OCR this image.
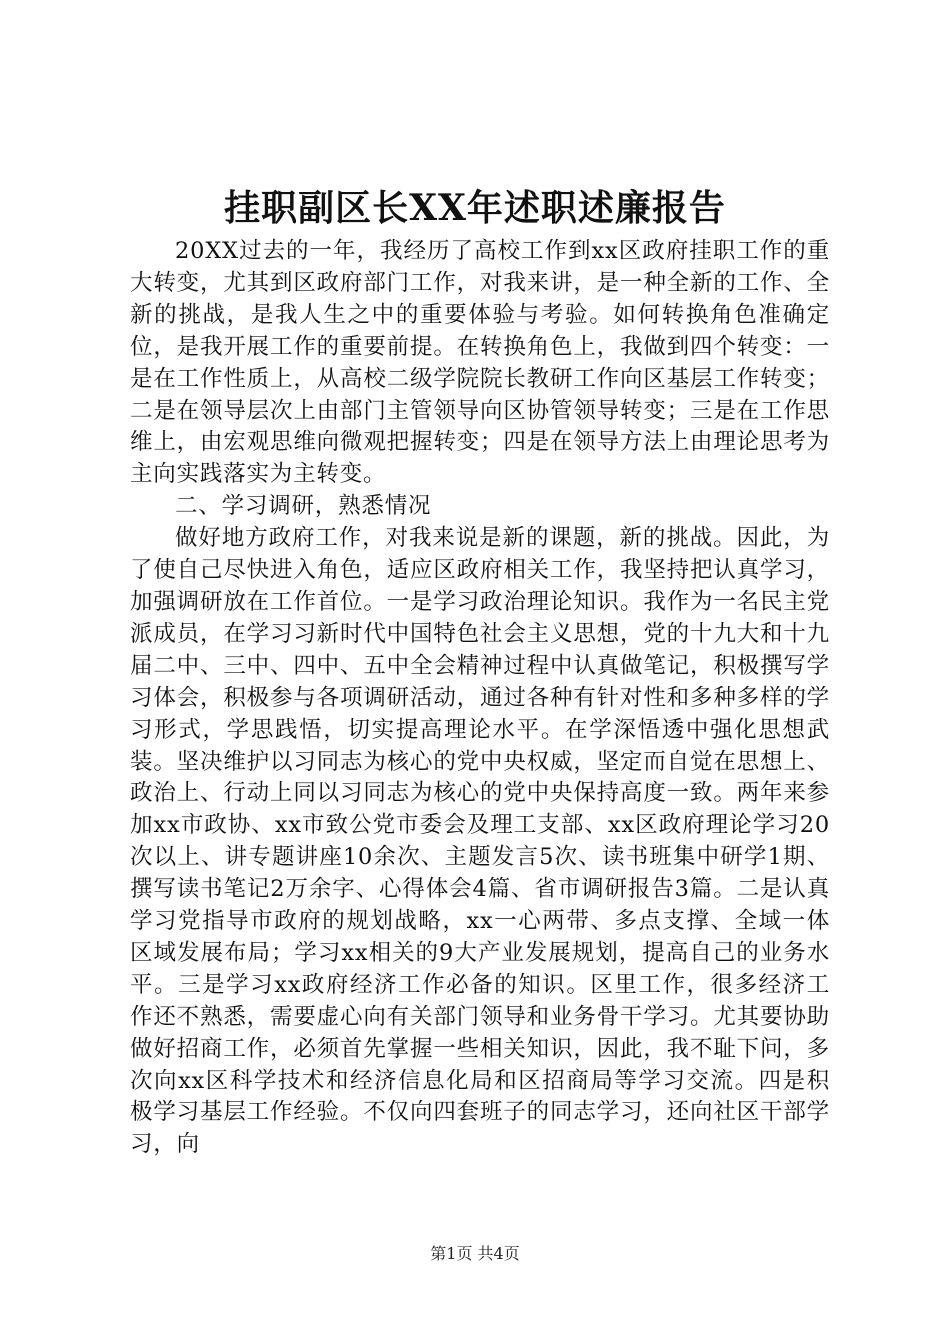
挂职副区长XX年述职述廉报告

20XX过去的一年，我经历了高校工作到xx区政府挂职工作的重大转变，尤其到区政府部门工作，对我来讲，是一种全新的工作、全新的挑战，是我人生之中的重要体验与考验。如何转换角色准确定位，是我开展工作的重要前提。在转换角色上，我做到四个转变：一是在工作性质上，从高校二级学院院长教研工作向区基层工作转变；二是在领导层次上由部门主管领导向区协管领导转变；三是在工作思维上，由宏观思维向微观把握转变；四是在领导方法上由理论思考为主向实践落实为主转变。

二、学习调研，熟悉情况

做好地方政府工作，对我来说是新的课题，新的挑战。因此，为了使自己尽快进入角色，适应区政府相关工作，我坚持把认真学习，加强调研放在工作首位。一是学习政治理论知识。我作为一名民主党派成员，在学习习新时代中国特色社会主义思想，党的十九大和十九届二中、三中、四中、五中全会精神过程中认真做笔记，积极撰写学习体会，积极参与各项调研活动，通过各种有针对性和多种多样的学习形式，学思践悟，切实提高理论水平。在学深悟透中强化思想武装。坚决维护以习同志为核心的党中央权威，坚定而自觉在思想上、政治上、行动上同以习同志为核心的党中央保持高度一致。两年来参加xx市政协、xx市致公党市委会及理工支部、xx区政府理论学习20次以上、讲专题讲座10余次、主题发言5次、读书班集中研学1期、撰写读书笔记2万余字、心得体会4篇、省市调研报告3篇。二是认真学习党指导市政府的规划战略，xx一心两带、多点支撑、全域一体区域发展布局；学习xx相关的9大产业发展规划，提高自己的业务水平。三是学习xx政府经济工作必备的知识。区里工作，很多经济工作还不熟悉，需要虚心向有关部门领导和业务骨干学习。尤其要协助做好招商工作，必须首先掌握一些相关知识，因此，我不耻下问，多次向xx区科学技术和经济信息化局和区招商局等学习交流。四是积极学习基层工作经验。不仅向四套班子的同志学习，还向社区干部学习，向

第1页 共4页
